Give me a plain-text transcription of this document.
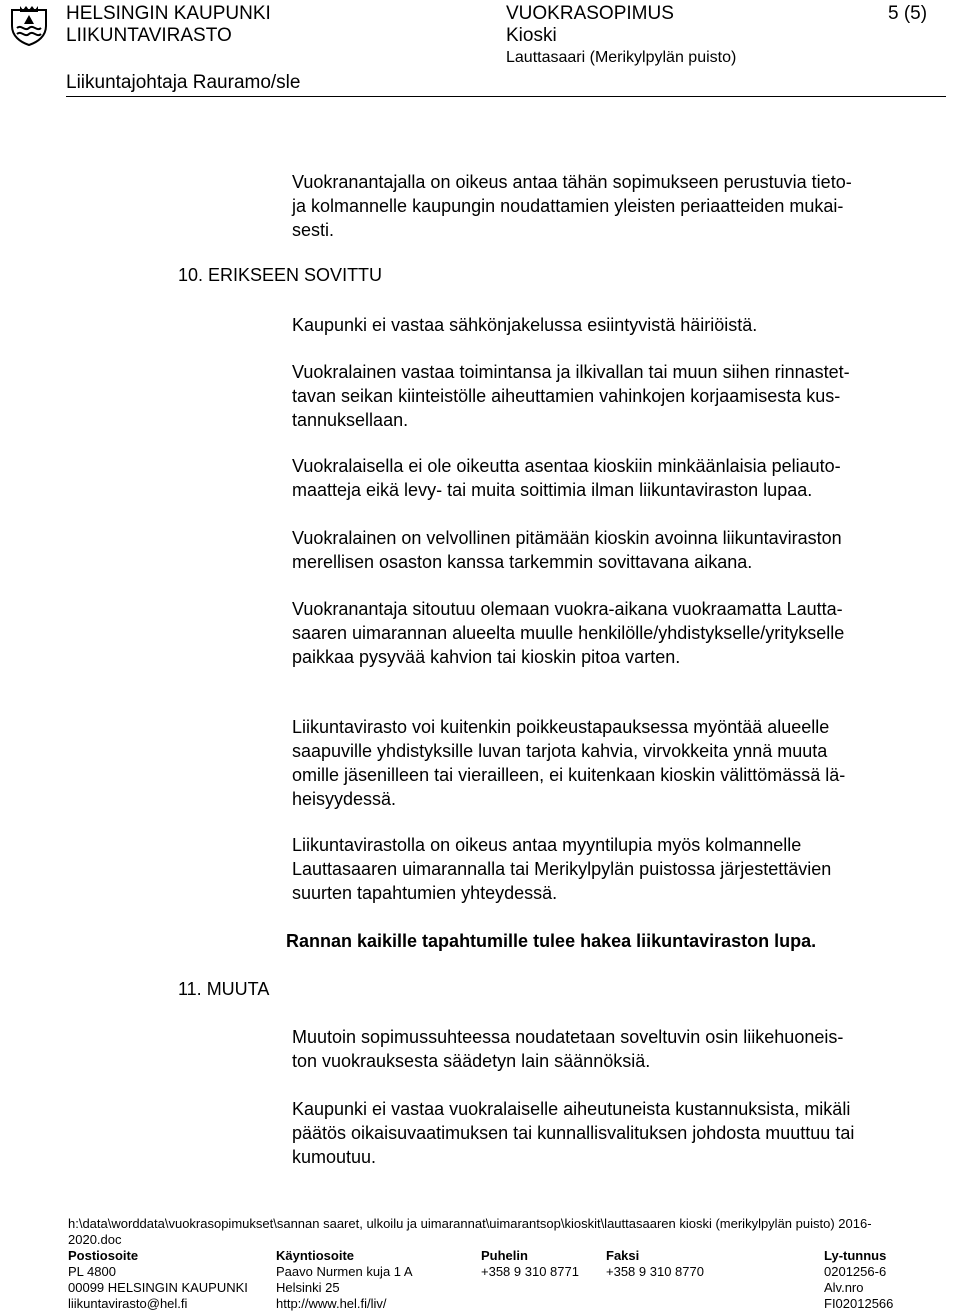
HELSINGIN KAUPUNKI
LIIKUNTAVIRASTO
VUOKRASOPIMUS
Kioski
Lauttasaari (Merikylpylän puisto)
5 (5)
Liikuntajohtaja Rauramo/sle
Vuokranantajalla on oikeus antaa tähän sopimukseen perustuvia tieto-
ja kolmannelle kaupungin noudattamien yleisten periaatteiden mukai-
sesti.
10. ERIKSEEN SOVITTU
Kaupunki ei vastaa sähkönjakelussa esiintyvistä häiriöistä.
Vuokralainen vastaa toimintansa ja ilkivallan tai muun siihen rinnastet-
tavan seikan kiinteistölle aiheuttamien vahinkojen korjaamisesta kus-
tannuksellaan.
Vuokralaisella ei ole oikeutta asentaa kioskiin minkäänlaisia peliauto-
maatteja eikä levy- tai muita soittimia ilman liikuntaviraston lupaa.
Vuokralainen on velvollinen pitämään kioskin avoinna liikuntaviraston
merellisen osaston kanssa tarkemmin sovittavana aikana.
Vuokranantaja sitoutuu olemaan vuokra-aikana vuokraamatta Lautta-
saaren uimarannan alueelta muulle henkilölle/yhdistykselle/yritykselle
paikkaa pysyvää kahvion tai kioskin pitoa varten.
Liikuntavirasto voi kuitenkin poikkeustapauksessa myöntää alueelle
saapuville yhdistyksille luvan tarjota kahvia, virvokkeita ynnä muuta
omille jäsenilleen tai vierailleen, ei kuitenkaan kioskin välittömässä lä-
heisyydessä.
Liikuntavirastolla on oikeus antaa myyntilupia myös kolmannelle
Lauttasaaren uimarannalla tai Merikylpylän puistossa järjestettävien
suurten tapahtumien yhteydessä.
Rannan kaikille tapahtumille tulee hakea liikuntaviraston lupa.
11. MUUTA
Muutoin sopimussuhteessa noudatetaan soveltuvin osin liikehuoneis-
ton vuokrauksesta säädetyn lain säännöksiä.
Kaupunki ei vastaa vuokralaiselle aiheutuneista kustannuksista, mikäli
päätös oikaisuvaatimuksen tai kunnallisvalituksen johdosta muuttuu tai
kumoutuu.
h:\data\worddata\vuokrasopimukset\sannan saaret, ulkoilu ja uimarannat\uimarantsop\kioskit\lauttasaaren kioski (merikylpylän puisto) 2016-
2020.doc
Postiosoite
PL 4800
00099 HELSINGIN KAUPUNKI
liikuntavirasto@hel.fi
Käyntiosoite
Paavo Nurmen kuja 1 A
Helsinki 25
http://www.hel.fi/liv/
Puhelin
+358 9 310 8771
Faksi
+358 9 310 8770
Ly-tunnus
0201256-6
Alv.nro
FI02012566
